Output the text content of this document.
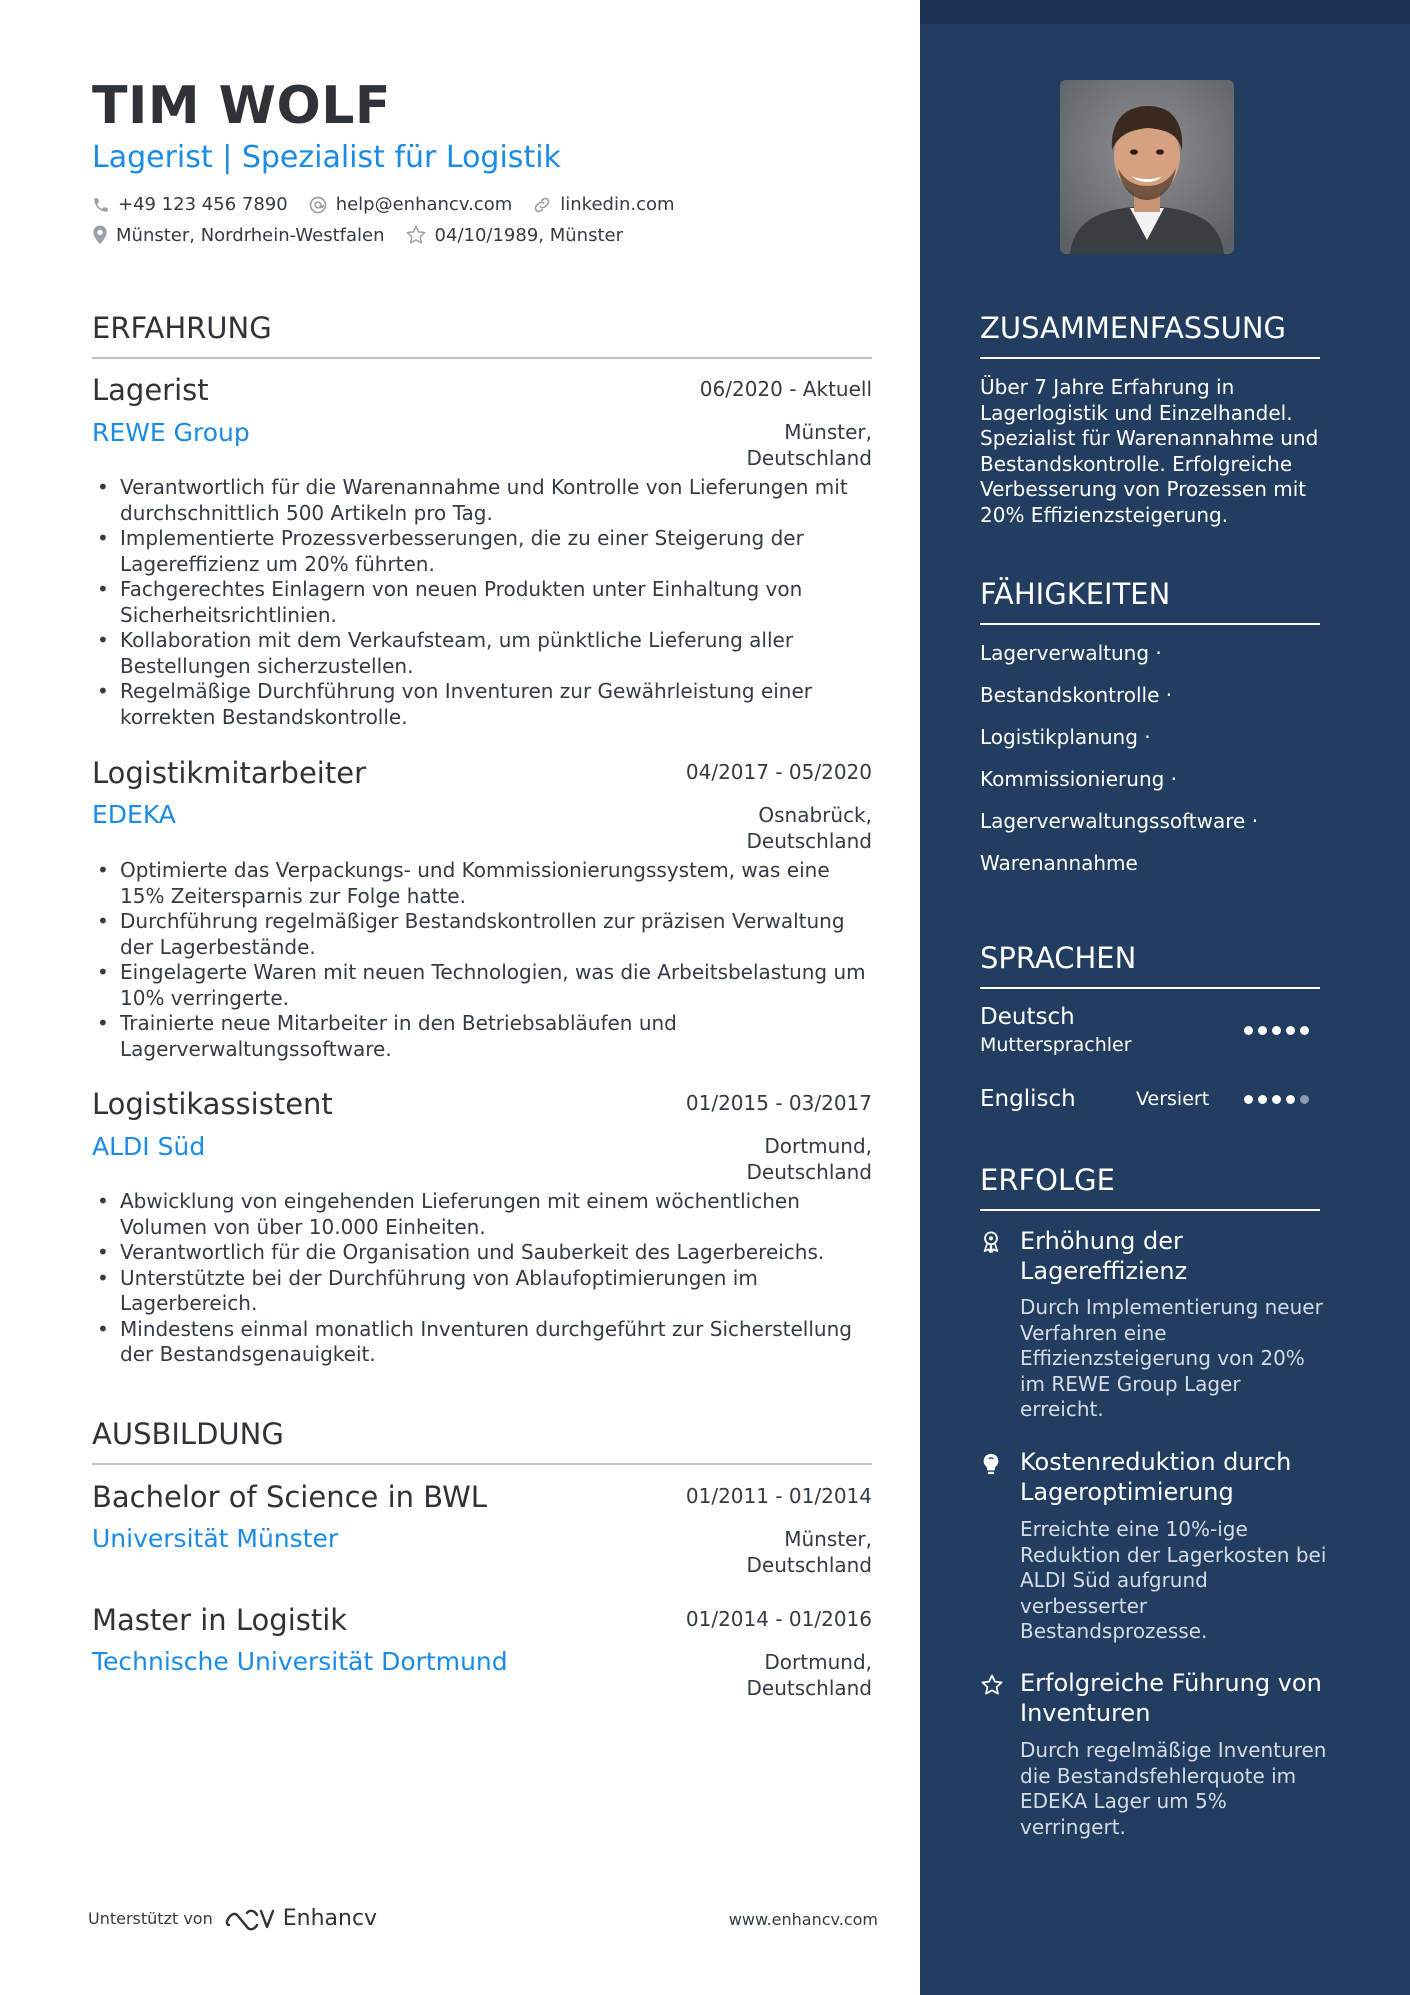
TIM WOLF
Lagerist | Spezialist für Logistik
+49 123 456 7890	help@enhancv.com	linkedin.com
Münster, Nordrhein-Westfalen	04/10/1989, Münster
ERFAHRUNG
Lagerist	06/2020 - Aktuell
REWE Group	Münster,
Deutschland
• Verantwortlich für die Warenannahme und Kontrolle von Lieferungen mit durchschnittlich 500 Artikeln pro Tag.
• Implementierte Prozessverbesserungen, die zu einer Steigerung der Lagereffizienz um 20% führten.
• Fachgerechtes Einlagern von neuen Produkten unter Einhaltung von Sicherheitsrichtlinien.
• Kollaboration mit dem Verkaufsteam, um pünktliche Lieferung aller Bestellungen sicherzustellen.
• Regelmäßige Durchführung von Inventuren zur Gewährleistung einer korrekten Bestandskontrolle.
Logistikmitarbeiter	04/2017 - 05/2020
EDEKA	Osnabrück,
Deutschland
• Optimierte das Verpackungs- und Kommissionierungssystem, was eine 15% Zeitersparnis zur Folge hatte.
• Durchführung regelmäßiger Bestandskontrollen zur präzisen Verwaltung der Lagerbestände.
• Eingelagerte Waren mit neuen Technologien, was die Arbeitsbelastung um 10% verringerte.
• Trainierte neue Mitarbeiter in den Betriebsabläufen und Lagerverwaltungssoftware.
Logistikassistent	01/2015 - 03/2017
ALDI Süd	Dortmund,
Deutschland
• Abwicklung von eingehenden Lieferungen mit einem wöchentlichen Volumen von über 10.000 Einheiten.
• Verantwortlich für die Organisation und Sauberkeit des Lagerbereichs.
• Unterstützte bei der Durchführung von Ablaufoptimierungen im Lagerbereich.
• Mindestens einmal monatlich Inventuren durchgeführt zur Sicherstellung der Bestandsgenauigkeit.
AUSBILDUNG
Bachelor of Science in BWL	01/2011 - 01/2014
Universität Münster	Münster,
Deutschland
Master in Logistik	01/2014 - 01/2016
Technische Universität Dortmund	Dortmund,
Deutschland
Unterstützt von	Enhancv	www.enhancv.com
ZUSAMMENFASSUNG
Über 7 Jahre Erfahrung in Lagerlogistik und Einzelhandel. Spezialist für Warenannahme und Bestandskontrolle. Erfolgreiche Verbesserung von Prozessen mit 20% Effizienzsteigerung.
FÄHIGKEITEN
Lagerverwaltung ·
Bestandskontrolle ·
Logistikplanung ·
Kommissionierung ·
Lagerverwaltungssoftware ·
Warenannahme
SPRACHEN
Deutsch
Muttersprachler
Englisch	Versiert
ERFOLGE
Erhöhung der Lagereffizienz
Durch Implementierung neuer Verfahren eine Effizienzsteigerung von 20% im REWE Group Lager erreicht.
Kostenreduktion durch Lageroptimierung
Erreichte eine 10%-ige Reduktion der Lagerkosten bei ALDI Süd aufgrund verbesserter Bestandsprozesse.
Erfolgreiche Führung von Inventuren
Durch regelmäßige Inventuren die Bestandsfehlerquote im EDEKA Lager um 5% verringert.
